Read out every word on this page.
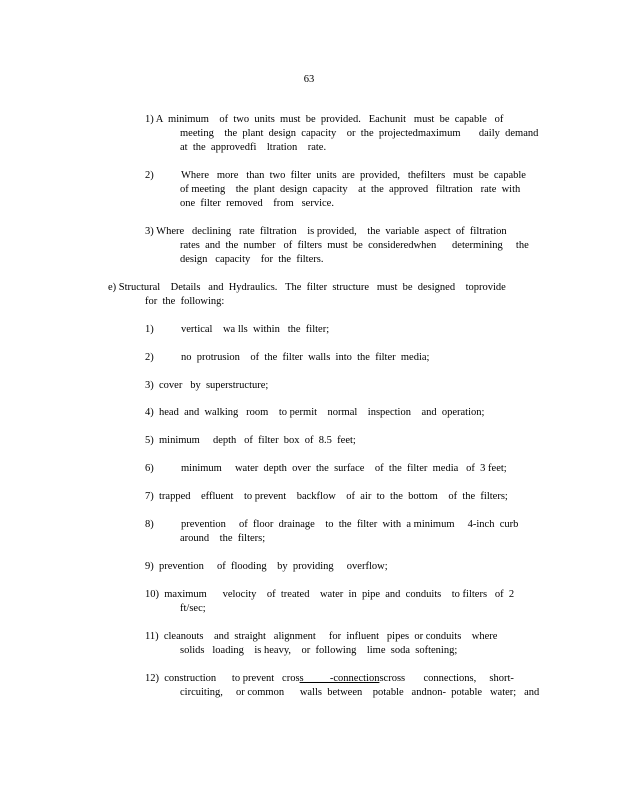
63
1) A  minimum    of  two  units  must  be  provided.   Eachunit   must  be  capable   of
meeting    the  plant  design  capacity    or  the  projectedmaximum       daily  demand
at  the  approvedfi    ltration    rate.
2)	Where   more   than  two  filter  units  are  provided,   thefilters   must  be  capable
of meeting    the  plant  design  capacity    at  the  approved   filtration   rate  with
one  filter  removed    from   service.
3) Where   declining   rate  filtration    is provided,    the  variable  aspect  of  filtration
rates  and  the  number   of  filters  must  be  consideredwhen      determining     the
design   capacity    for  the  filters.
e) Structural    Details   and  Hydraulics.   The  filter  structure   must  be  designed    toprovide
for  the  following:
1)	vertical    wa lls  within   the  filter;
2)	no  protrusion    of  the  filter  walls  into  the  filter  media;
3)  cover   by  superstructure;
4)  head  and  walking   room    to permit    normal    inspection    and  operation;
5)  minimum     depth   of  filter  box  of  8.5  feet;
6)	minimum     water  depth  over  the  surface    of  the  filter  media   of  3 feet;
7)  trapped    effluent    to prevent    backflow    of  air  to  the  bottom    of  the  filters;
8)	prevention     of  floor  drainage    to  the  filter  with  a minimum     4-inch  curb
around    the  filters;
9)  prevention     of  flooding    by  providing     overflow;
10)  maximum      velocity    of  treated    water  in  pipe  and  conduits    to filters   of  2
ft/sec;
11)  cleanouts    and  straight   alignment     for  influent   pipes  or conduits    where
solids   loading    is heavy,    or  following    lime  soda  softening;
12)  construction      to prevent   cross_____-connectionscross       connections,     short-
circuiting,     or common      walls  between    potable   andnon-  potable   water;   and
